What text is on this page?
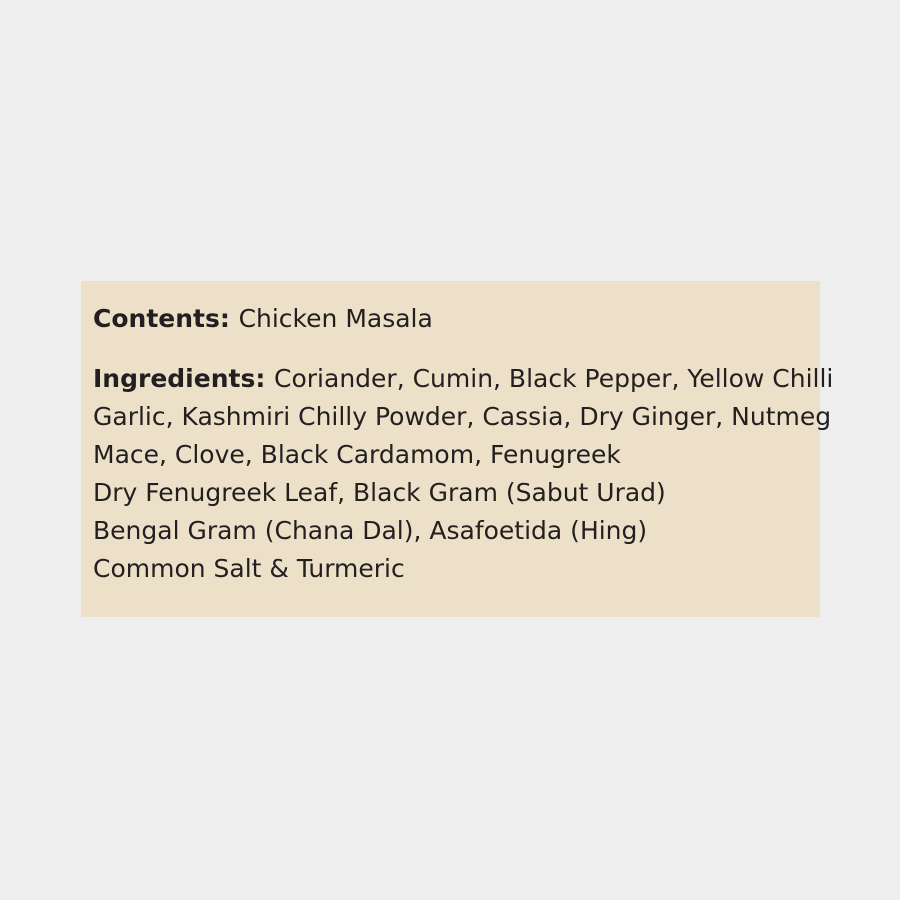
Contents: Chicken Masala
Ingredients: Coriander, Cumin, Black Pepper, Yellow Chilli
Garlic, Kashmiri Chilly Powder, Cassia, Dry Ginger, Nutmeg
Mace, Clove, Black Cardamom, Fenugreek
Dry Fenugreek Leaf, Black Gram (Sabut Urad)
Bengal Gram (Chana Dal), Asafoetida (Hing)
Common Salt & Turmeric
